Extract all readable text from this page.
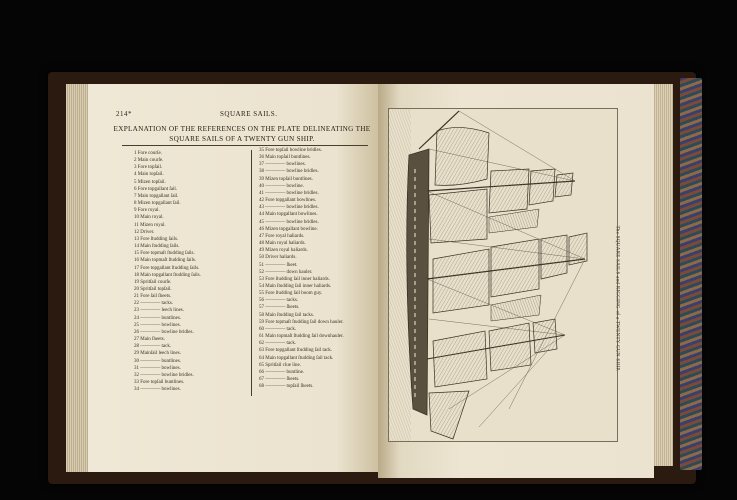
214*	SQUARE SAILS.
EXPLANATION OF THE REFERENCES ON THE PLATE DELINEATING THE
SQUARE SAILS OF A TWENTY GUN SHIP.
1 Fore courſe.
2 Main courſe.
3 Fore topſail.
4 Main topſail.
5 Mizen topſail.
6 Fore topgallant ſail.
7 Main topgallant ſail.
8 Mizen topgallant ſail.
9 Fore royal.
10 Main royal.
11 Mizen royal.
12 Driver.
13 Fore ſtudding ſails.
14 Main ſtudding ſails.
15 Fore topmaſt ſtudding ſails.
16 Main topmaſt ſtudding ſails.
17 Fore topgallant ſtudding ſails.
18 Main topgallant ſtudding ſails.
19 Spritſail courſe.
20 Spritſail topſail.
21 Fore ſail ſheets.
22 ———— tacks.
23 ———— leech lines.
24 ———— buntlines.
25 ———— bowlines.
26 ———— bowline bridles.
27 Main ſheets.
28 ———— tack.
29 Mainſail leech lines.
30 ———— buntlines.
31 ———— bowlines.
32 ———— bowline bridles.
33 Fore topſail buntlines.
34 ———— bowlines.
35 Fore topſail bowline bridles.
36 Main topſail buntlines.
37 ———— bowlines.
38 ———— bowline bridles.
39 Mizen topſail buntlines.
40 ———— bowline.
41 ———— bowline bridles.
42 Fore topgallant bowlines.
43 ———— bowline bridles.
44 Main topgallant bowlines.
45 ———— bowline bridles.
46 Mizen topgallant bowline.
47 Fore royal haliards.
48 Main royal haliards.
49 Mizen royal haliards.
50 Driver haliards.
51 ———— ſheet.
52 ———— down hauler.
53 Fore ſtudding ſail inner haliards.
54 Main ſtudding ſail inner haliards.
55 Fore ſtudding ſail boom guy.
56 ———— tacks.
57 ———— ſheets.
58 Main ſtudding ſail tacks.
59 Fore topmaſt ſtudding ſail down hauler.
60 ———— tack.
61 Main topmaſt ſtudding ſail downhauler.
62 ———— tack.
63 Fore topgallant ſtudding ſail tack.
64 Main topgallant ſtudding ſail tack.
65 Spritſail clue line.
66 ———— buntline.
67 ———— ſheets.
68 ———— topſail ſheets.
The SQUARE SAILS and RIGGING of a TWENTY-GUN SHIP.
